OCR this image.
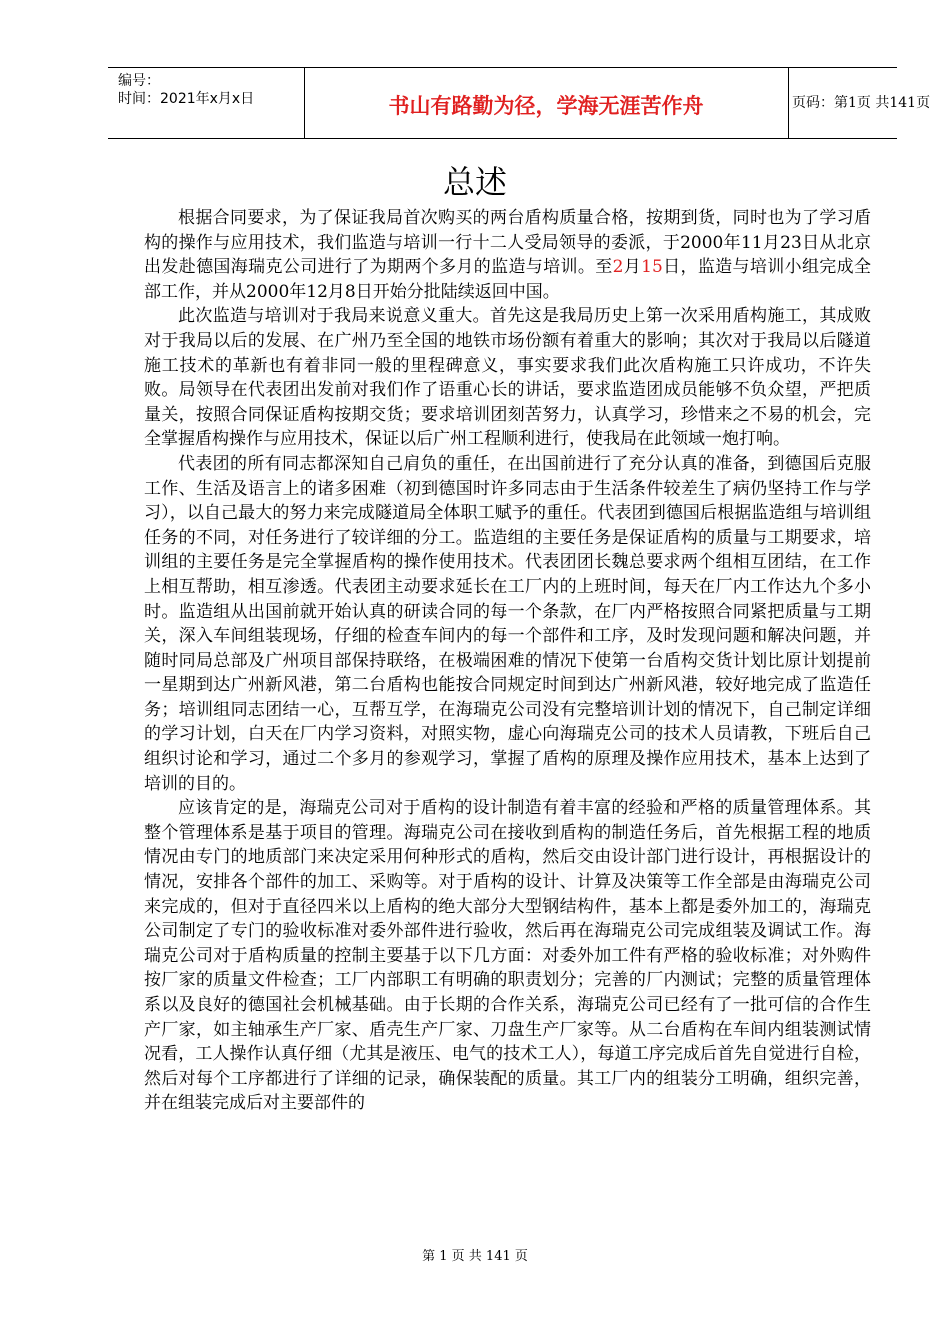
编号：
时间：2021年x月x日	书山有路勤为径，学海无涯苦作舟	页码：第1页 共141页
总述

根据合同要求，为了保证我局首次购买的两台盾构质量合格，按期到货，同时也为了学习盾构的操作与应用技术，我们监造与培训一行十二人受局领导的委派，于2000年11月23日从北京出发赴德国海瑞克公司进行了为期两个多月的监造与培训。至2月15日，监造与培训小组完成全部工作，并从2000年12月8日开始分批陆续返回中国。

此次监造与培训对于我局来说意义重大。首先这是我局历史上第一次采用盾构施工，其成败对于我局以后的发展、在广州乃至全国的地铁市场份额有着重大的影响；其次对于我局以后隧道施工技术的革新也有着非同一般的里程碑意义，事实要求我们此次盾构施工只许成功，不许失败。局领导在代表团出发前对我们作了语重心长的讲话，要求监造团成员能够不负众望，严把质量关，按照合同保证盾构按期交货；要求培训团刻苦努力，认真学习，珍惜来之不易的机会，完全掌握盾构操作与应用技术，保证以后广州工程顺利进行，使我局在此领域一炮打响。

代表团的所有同志都深知自己肩负的重任，在出国前进行了充分认真的准备，到德国后克服工作、生活及语言上的诸多困难（初到德国时许多同志由于生活条件较差生了病仍坚持工作与学习），以自己最大的努力来完成隧道局全体职工赋予的重任。代表团到德国后根据监造组与培训组任务的不同，对任务进行了较详细的分工。监造组的主要任务是保证盾构的质量与工期要求，培训组的主要任务是完全掌握盾构的操作使用技术。代表团团长魏总要求两个组相互团结，在工作上相互帮助，相互渗透。代表团主动要求延长在工厂内的上班时间，每天在厂内工作达九个多小时。监造组从出国前就开始认真的研读合同的每一个条款，在厂内严格按照合同紧把质量与工期关，深入车间组装现场，仔细的检查车间内的每一个部件和工序，及时发现问题和解决问题，并随时同局总部及广州项目部保持联络，在极端困难的情况下使第一台盾构交货计划比原计划提前一星期到达广州新风港，第二台盾构也能按合同规定时间到达广州新风港，较好地完成了监造任务；培训组同志团结一心，互帮互学，在海瑞克公司没有完整培训计划的情况下，自己制定详细的学习计划，白天在厂内学习资料，对照实物，虚心向海瑞克公司的技术人员请教，下班后自己组织讨论和学习，通过二个多月的参观学习，掌握了盾构的原理及操作应用技术，基本上达到了培训的目的。

应该肯定的是，海瑞克公司对于盾构的设计制造有着丰富的经验和严格的质量管理体系。其整个管理体系是基于项目的管理。海瑞克公司在接收到盾构的制造任务后，首先根据工程的地质情况由专门的地质部门来决定采用何种形式的盾构，然后交由设计部门进行设计，再根据设计的情况，安排各个部件的加工、采购等。对于盾构的设计、计算及决策等工作全部是由海瑞克公司来完成的，但对于直径四米以上盾构的绝大部分大型钢结构件，基本上都是委外加工的，海瑞克公司制定了专门的验收标准对委外部件进行验收，然后再在海瑞克公司完成组装及调试工作。海瑞克公司对于盾构质量的控制主要基于以下几方面：对委外加工件有严格的验收标准；对外购件按厂家的质量文件检查；工厂内部职工有明确的职责划分；完善的厂内测试；完整的质量管理体系以及良好的德国社会机械基础。由于长期的合作关系，海瑞克公司已经有了一批可信的合作生产厂家，如主轴承生产厂家、盾壳生产厂家、刀盘生产厂家等。从二台盾构在车间内组装测试情况看，工人操作认真仔细（尤其是液压、电气的技术工人），每道工序完成后首先自觉进行自检，然后对每个工序都进行了详细的记录，确保装配的质量。其工厂内的组装分工明确，组织完善，并在组装完成后对主要部件的

第 1 页 共 141 页
